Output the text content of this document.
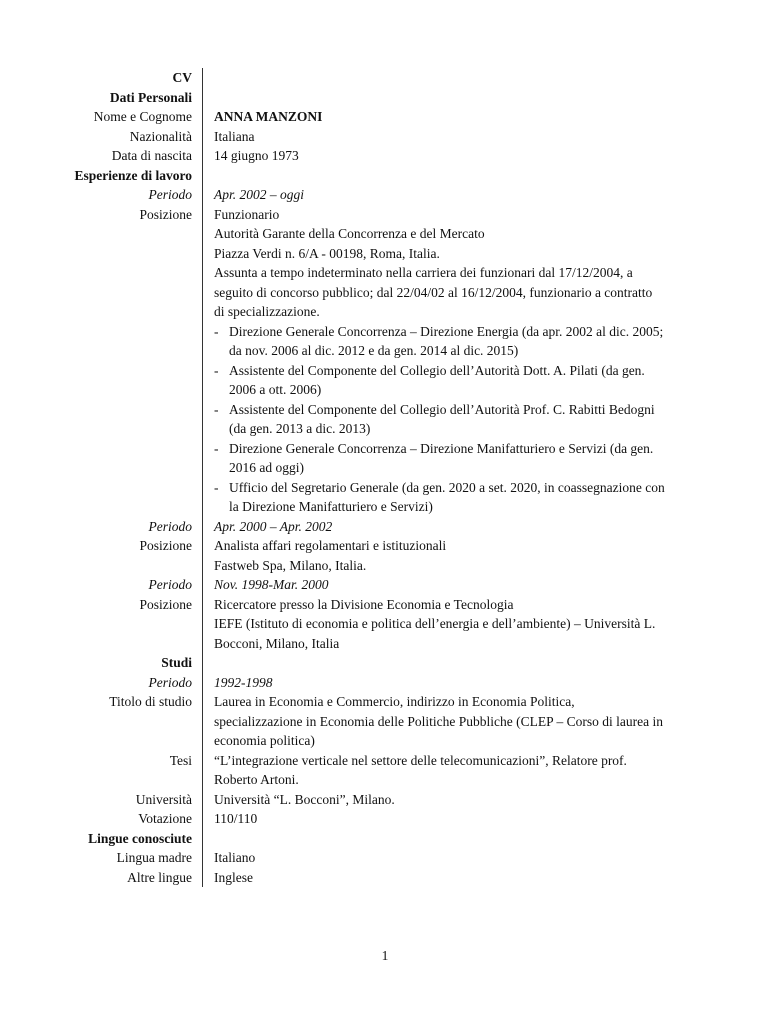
CV
Dati Personali
Nome e Cognome ANNA MANZONI
Nazionalità Italiana
Data di nascita 14 giugno 1973
Esperienze di lavoro
Periodo Apr. 2002 – oggi
Posizione Funzionario
Autorità Garante della Concorrenza e del Mercato
Piazza Verdi n. 6/A - 00198, Roma, Italia.
Assunta a tempo indeterminato nella carriera dei funzionari dal 17/12/2004, a
seguito di concorso pubblico; dal 22/04/02 al 16/12/2004, funzionario a contratto
di specializzazione.
- Direzione Generale Concorrenza – Direzione Energia (da apr. 2002 al dic. 2005;
da nov. 2006 al dic. 2012 e da gen. 2014 al dic. 2015)
- Assistente del Componente del Collegio dell’Autorità Dott. A. Pilati (da gen.
2006 a ott. 2006)
- Assistente del Componente del Collegio dell’Autorità Prof. C. Rabitti Bedogni
(da gen. 2013 a dic. 2013)
- Direzione Generale Concorrenza – Direzione Manifatturiero e Servizi (da gen.
2016 ad oggi)
- Ufficio del Segretario Generale (da gen. 2020 a set. 2020, in coassegnazione con
la Direzione Manifatturiero e Servizi)
Periodo Apr. 2000 – Apr. 2002
Posizione Analista affari regolamentari e istituzionali
Fastweb Spa, Milano, Italia.
Periodo Nov. 1998-Mar. 2000
Posizione Ricercatore presso la Divisione Economia e Tecnologia
IEFE (Istituto di economia e politica dell’energia e dell’ambiente) – Università L.
Bocconi, Milano, Italia
Studi
Periodo 1992-1998
Titolo di studio Laurea in Economia e Commercio, indirizzo in Economia Politica,
specializzazione in Economia delle Politiche Pubbliche (CLEP – Corso di laurea in
economia politica)
Tesi “L’integrazione verticale nel settore delle telecomunicazioni”, Relatore prof.
Roberto Artoni.
Università Università “L. Bocconi”, Milano.
Votazione 110/110
Lingue conosciute
Lingua madre Italiano
Altre lingue Inglese
1
